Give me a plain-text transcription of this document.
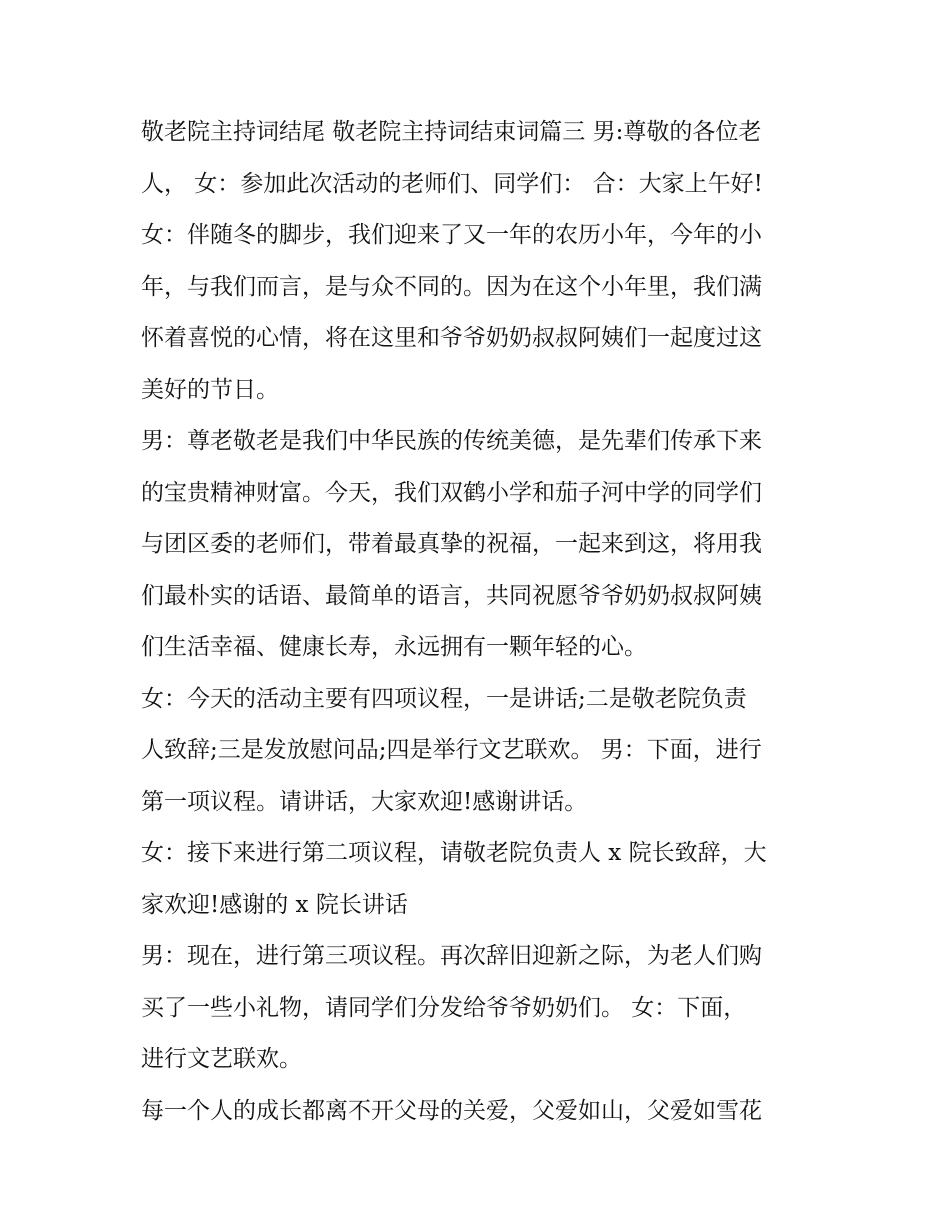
敬老院主持词结尾 敬老院主持词结束词篇三 男:尊敬的各位老
人， 女：参加此次活动的老师们、同学们： 合：大家上午好!
女：伴随冬的脚步，我们迎来了又一年的农历小年，今年的小
年，与我们而言，是与众不同的。因为在这个小年里，我们满
怀着喜悦的心情，将在这里和爷爷奶奶叔叔阿姨们一起度过这
美好的节日。
男：尊老敬老是我们中华民族的传统美德，是先辈们传承下来
的宝贵精神财富。今天，我们双鹤小学和茄子河中学的同学们
与团区委的老师们，带着最真挚的祝福，一起来到这，将用我
们最朴实的话语、最简单的语言，共同祝愿爷爷奶奶叔叔阿姨
们生活幸福、健康长寿，永远拥有一颗年轻的心。
女：今天的活动主要有四项议程，一是讲话;二是敬老院负责
人致辞;三是发放慰问品;四是举行文艺联欢。 男：下面，进行
第一项议程。请讲话，大家欢迎!感谢讲话。
女：接下来进行第二项议程，请敬老院负责人 x 院长致辞，大
家欢迎!感谢的 x 院长讲话
男：现在，进行第三项议程。再次辞旧迎新之际，为老人们购
买了一些小礼物，请同学们分发给爷爷奶奶们。 女：下面，
进行文艺联欢。
每一个人的成长都离不开父母的关爱，父爱如山，父爱如雪花
